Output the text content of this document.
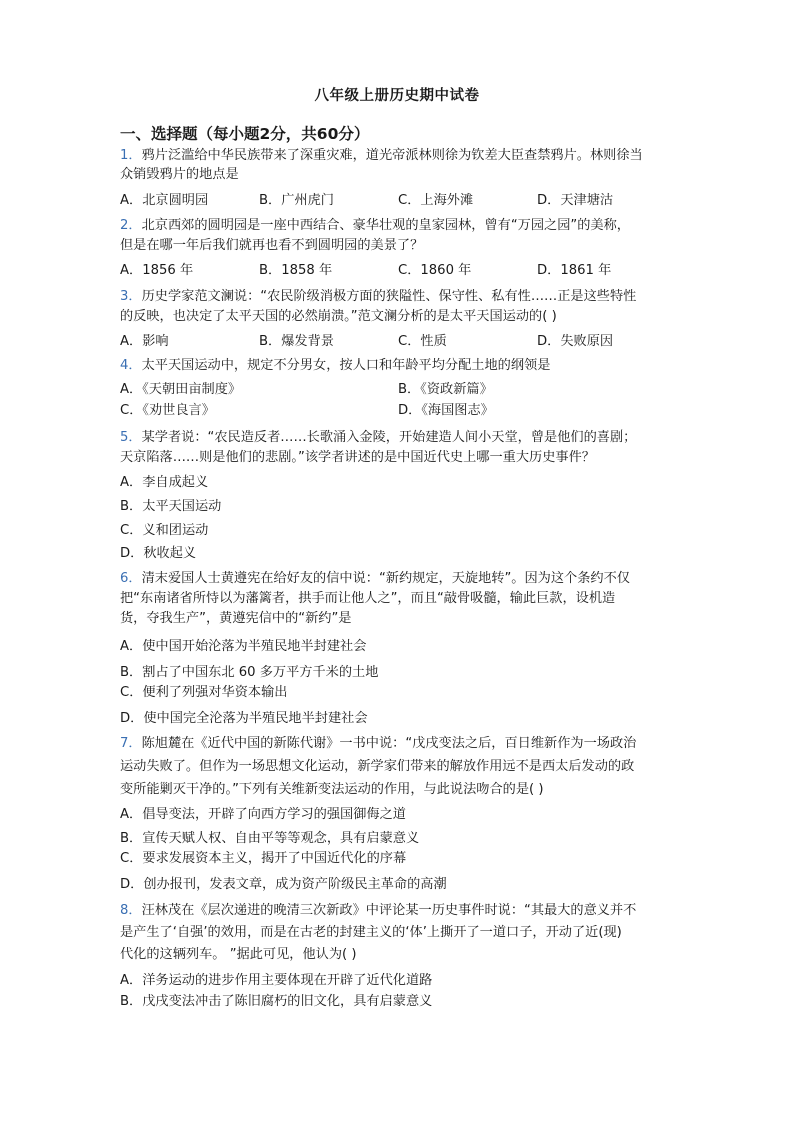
八年级上册历史期中试卷
一、选择题（每小题2分，共60分）
1．鸦片泛滥给中华民族带来了深重灾难，道光帝派林则徐为钦差大臣查禁鸦片。林则徐当
众销毁鸦片的地点是
A．北京圆明园	B．广州虎门	C．上海外滩	D．天津塘沽
2．北京西郊的圆明园是一座中西结合、豪华壮观的皇家园林，曾有“万园之园”的美称，
但是在哪一年后我们就再也看不到圆明园的美景了？
A．1856 年	B．1858 年	C．1860 年	D．1861 年
3．历史学家范文澜说：“农民阶级消极方面的狭隘性、保守性、私有性……正是这些特性
的反映，也决定了太平天国的必然崩溃。”范文澜分析的是太平天国运动的( )
A．影响	B．爆发背景	C．性质	D．失败原因
4．太平天国运动中，规定不分男女，按人口和年龄平均分配土地的纲领是
A．《天朝田亩制度》	B．《资政新篇》
C．《劝世良言》	D．《海国图志》
5．某学者说：“农民造反者……长歌涌入金陵，开始建造人间小天堂，曾是他们的喜剧；
天京陷落……则是他们的悲剧。”该学者讲述的是中国近代史上哪一重大历史事件？
A．李自成起义
B．太平天国运动
C．义和团运动
D．秋收起义
6．清末爱国人士黄遵宪在给好友的信中说：“新约规定，天旋地转”。因为这个条约不仅
把“东南诸省所恃以为藩篱者，拱手而让他人之”，而且“敲骨吸髓，输此巨款，设机造
货，夺我生产”，黄遵宪信中的“新约”是
A．使中国开始沦落为半殖民地半封建社会
B．割占了中国东北 60 多万平方千米的土地
C．便利了列强对华资本输出
D．使中国完全沦落为半殖民地半封建社会
7．陈旭麓在《近代中国的新陈代谢》一书中说：“戊戌变法之后，百日维新作为一场政治
运动失败了。但作为一场思想文化运动，新学家们带来的解放作用远不是西太后发动的政
变所能剿灭干净的。”下列有关维新变法运动的作用，与此说法吻合的是( )
A．倡导变法，开辟了向西方学习的强国御侮之道
B．宣传天赋人权、自由平等等观念，具有启蒙意义
C．要求发展资本主义，揭开了中国近代化的序幕
D．创办报刊，发表文章，成为资产阶级民主革命的高潮
8．汪林茂在《层次递进的晚清三次新政》中评论某一历史事件时说：“其最大的意义并不
是产生了‘自强’的效用，而是在古老的封建主义的‘体’上撕开了一道口子，开动了近(现)
代化的这辆列车。 ”据此可见，他认为( )
A．洋务运动的进步作用主要体现在开辟了近代化道路
B．戊戌变法冲击了陈旧腐朽的旧文化，具有启蒙意义
